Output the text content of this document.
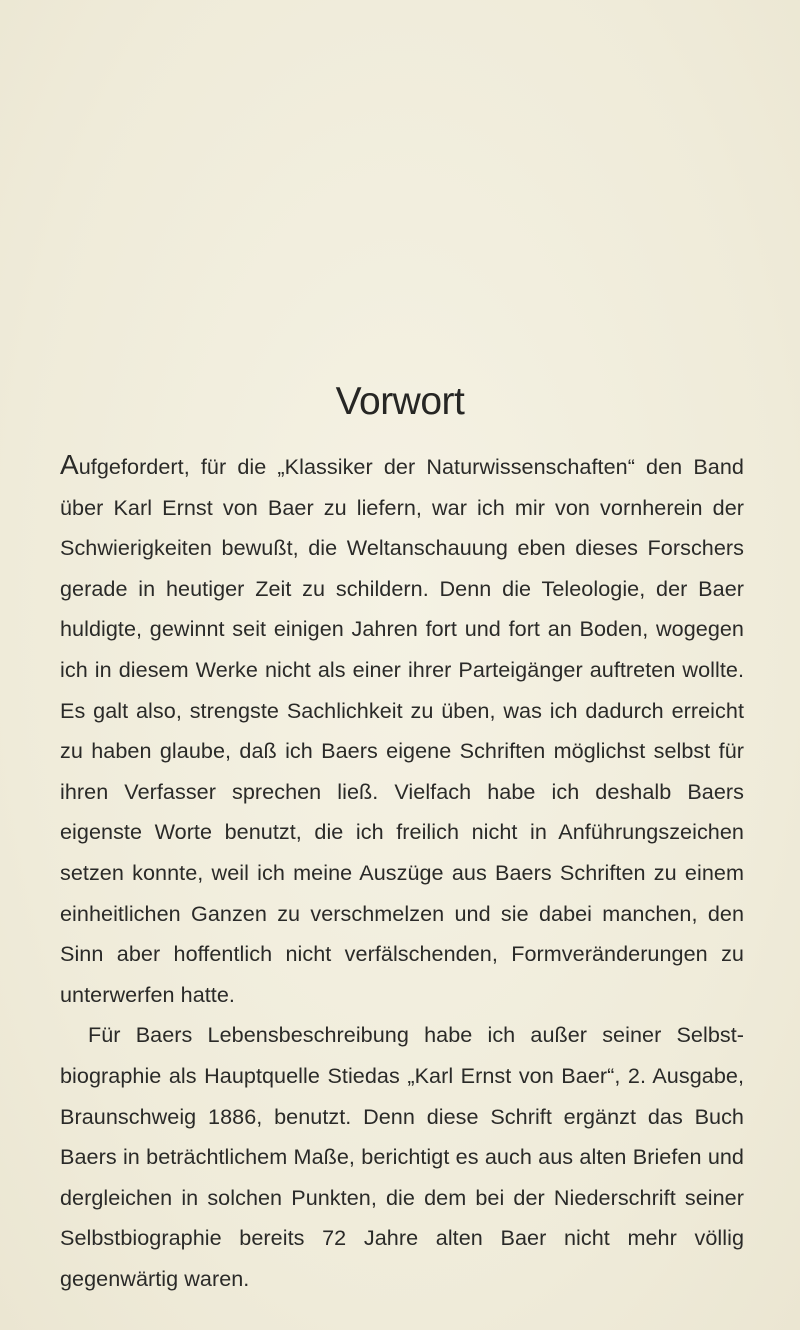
Vorwort

Aufgefordert, für die „Klassiker der Naturwissenschaften“ den Band über Karl Ernst von Baer zu liefern, war ich mir von vornherein der Schwierigkeiten bewußt, die Weltanschauung eben dieses Forschers gerade in heutiger Zeit zu schildern. Denn die Teleologie, der Baer huldigte, gewinnt seit einigen Jahren fort und fort an Boden, wogegen ich in diesem Werke nicht als einer ihrer Parteigänger auftreten wollte. Es galt also, strengste Sachlichkeit zu üben, was ich dadurch erreicht zu haben glaube, daß ich Baers eigene Schriften möglichst selbst für ihren Verfasser sprechen ließ. Vielfach habe ich deshalb Baers eigenste Worte benutzt, die ich freilich nicht in Anführungszeichen setzen konnte, weil ich meine Auszüge aus Baers Schriften zu einem einheitlichen Ganzen zu verschmelzen und sie dabei manchen, den Sinn aber hoffentlich nicht verfälschenden, Formveränderungen zu unterwerfen hatte.

Für Baers Lebensbeschreibung habe ich außer seiner Selbstbiographie als Hauptquelle Stiedas „Karl Ernst von Baer“, 2. Ausgabe, Braunschweig 1886, benutzt. Denn diese Schrift ergänzt das Buch Baers in beträchtlichem Maße, berichtigt es auch aus alten Briefen und dergleichen in solchen Punkten, die dem bei der Niederschrift seiner Selbstbiographie bereits 72 Jahre alten Baer nicht mehr völlig gegenwärtig waren.
